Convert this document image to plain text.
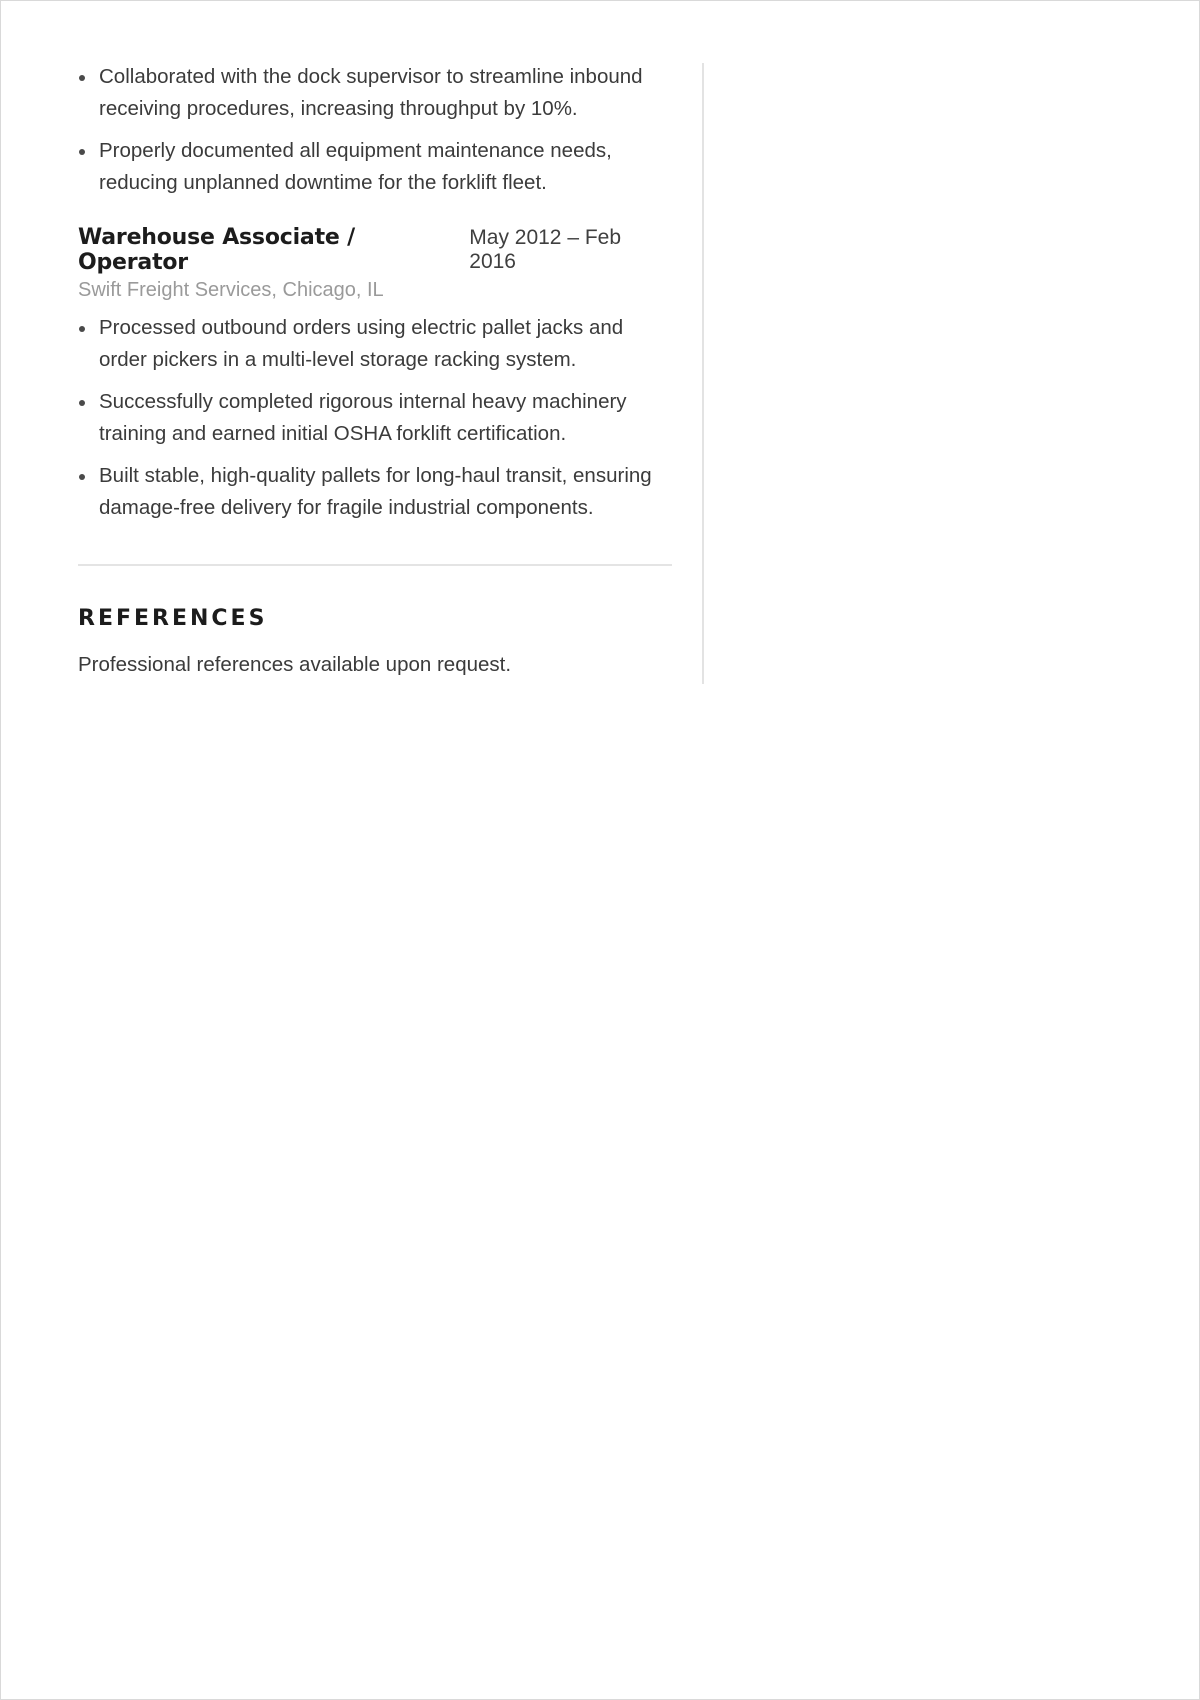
Collaborated with the dock supervisor to streamline inbound receiving procedures, increasing throughput by 10%.
Properly documented all equipment maintenance needs, reducing unplanned downtime for the forklift fleet.
Warehouse Associate / Operator
May 2012 – Feb 2016
Swift Freight Services, Chicago, IL
Processed outbound orders using electric pallet jacks and order pickers in a multi-level storage racking system.
Successfully completed rigorous internal heavy machinery training and earned initial OSHA forklift certification.
Built stable, high-quality pallets for long-haul transit, ensuring damage-free delivery for fragile industrial components.
REFERENCES
Professional references available upon request.
